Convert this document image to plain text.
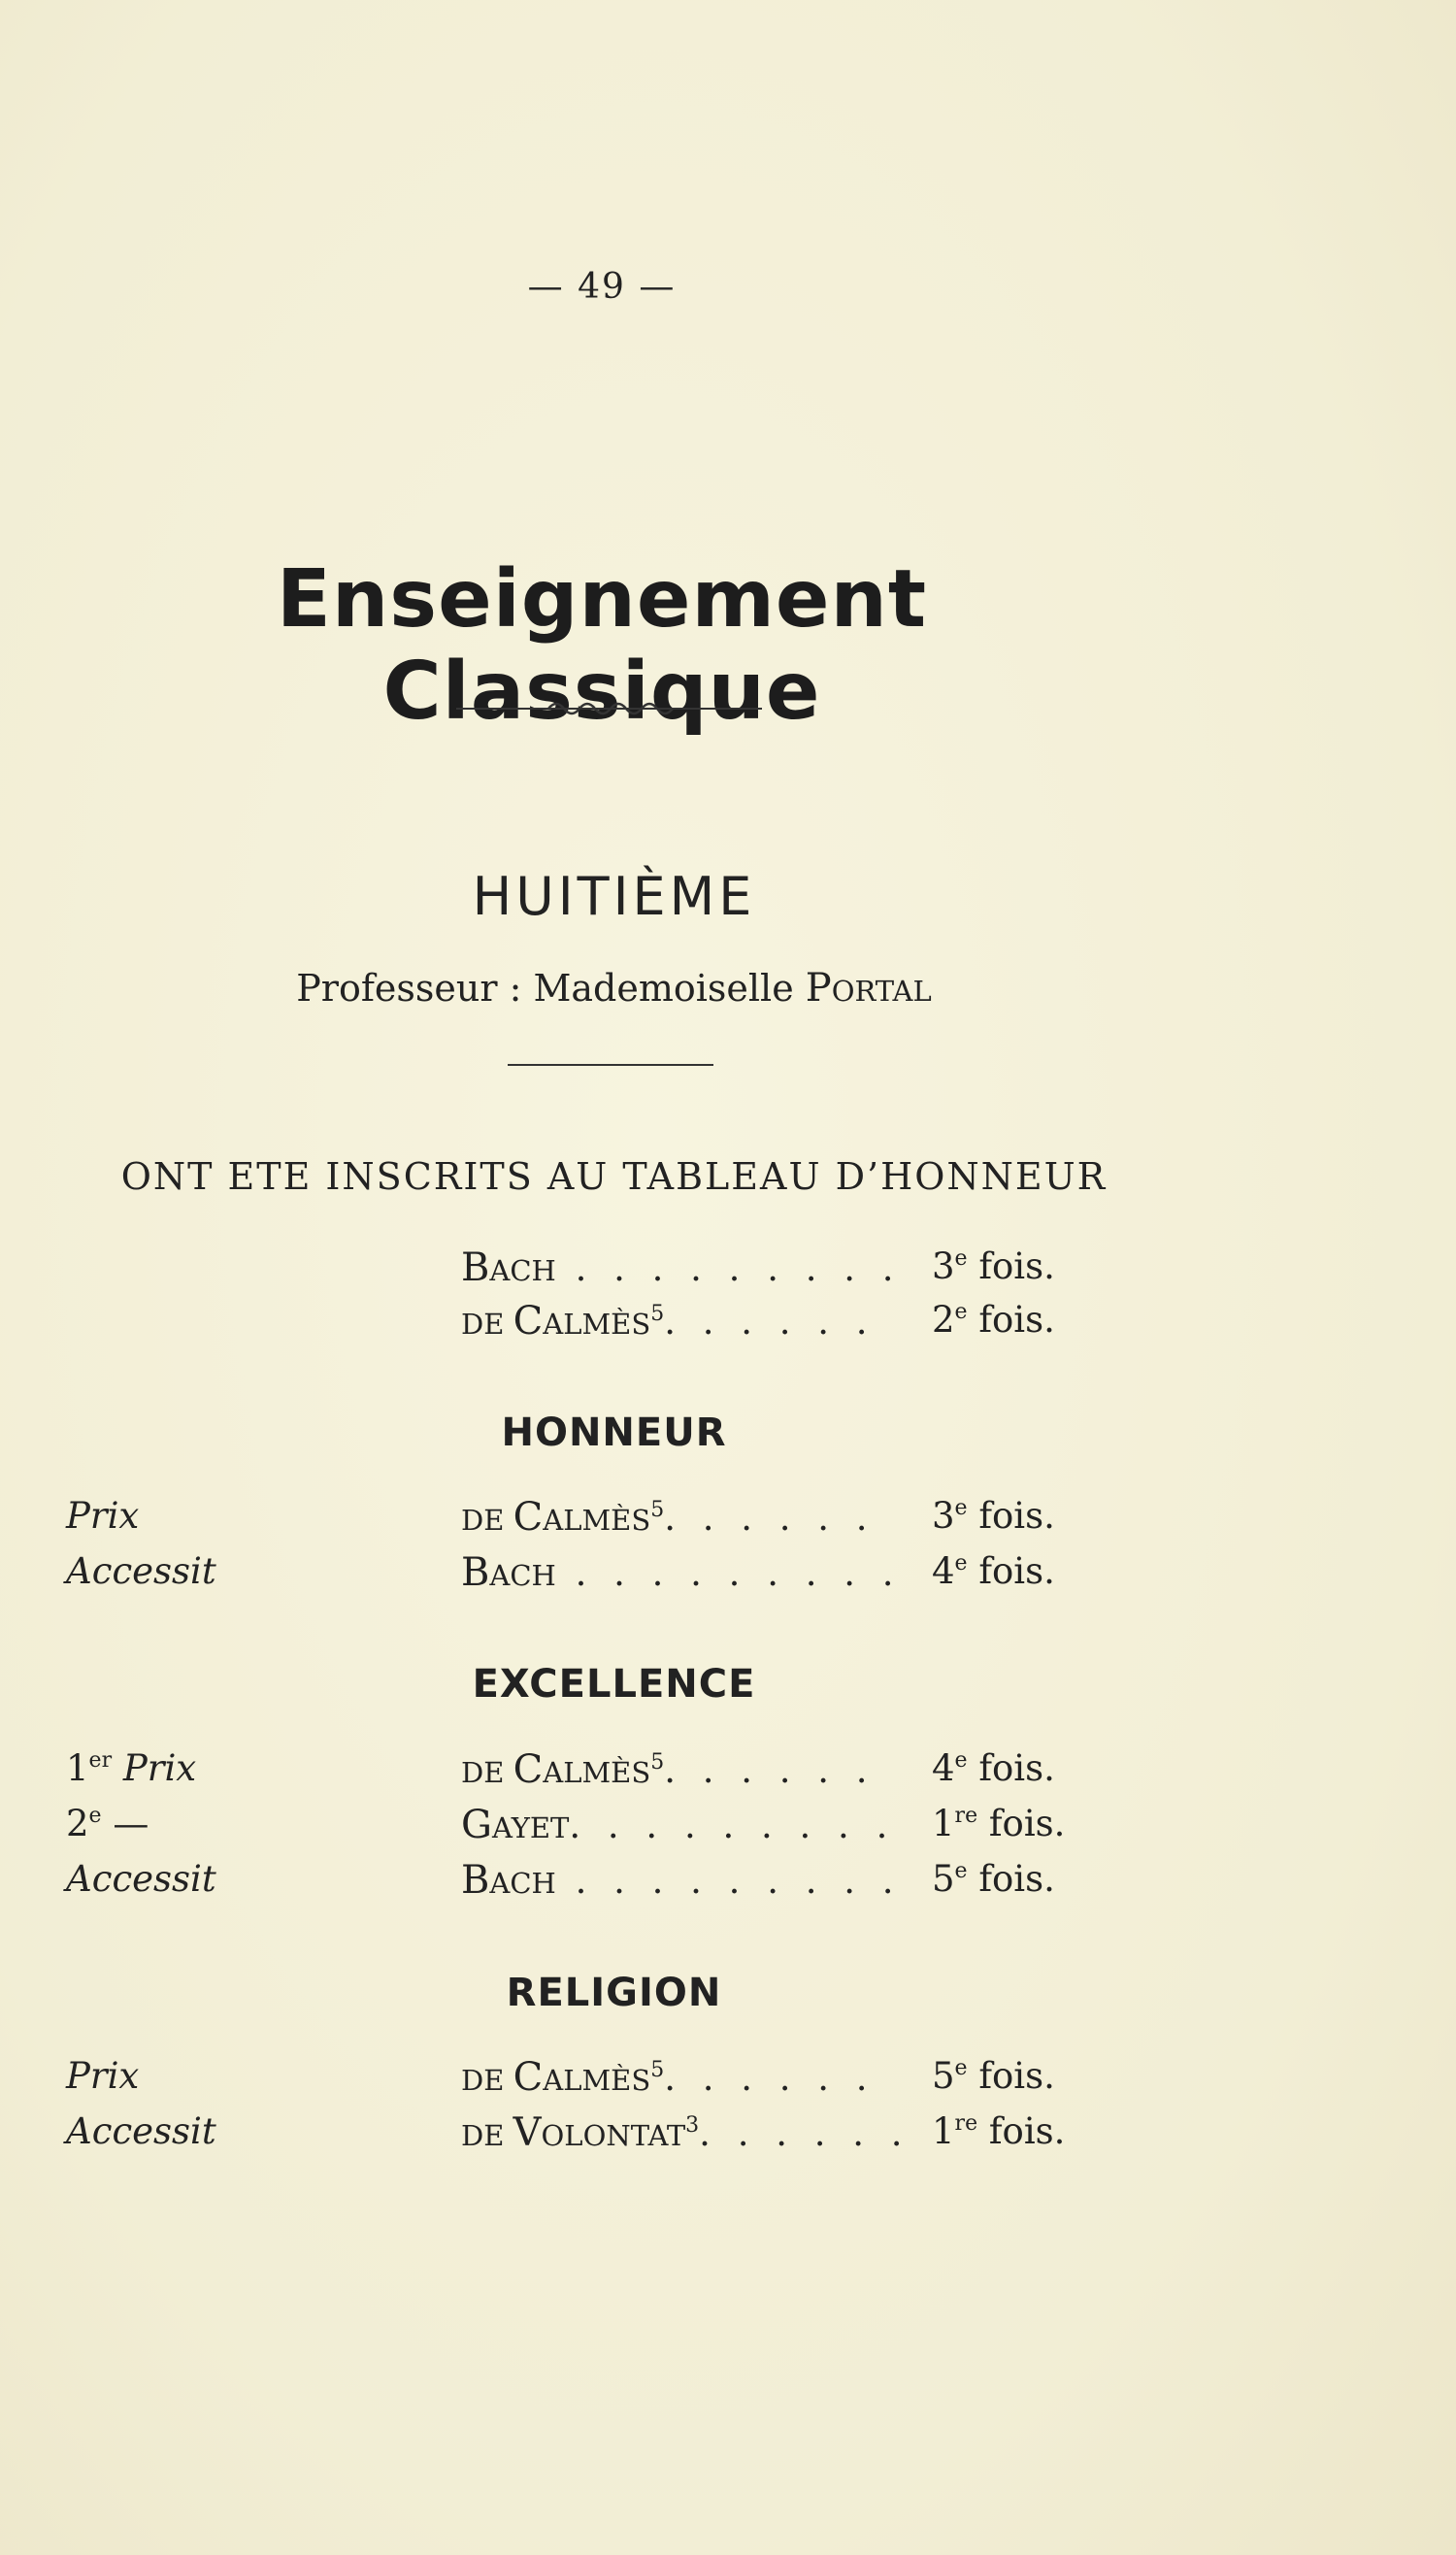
— 49 —
Enseignement Classique
HUITIÈME
Professeur : Mademoiselle PORTAL
ONT ETE INSCRITS AU TABLEAU D’HONNEUR
BACH . . . . . . . . . 3e fois.
DE CALMÈS$^5$. . . . . . 2e fois.
HONNEUR
Prix	DE CALMÈS$^5$. . . . . . 3e fois.
Accessit	BACH . . . . . . . . . 4e fois.
EXCELLENCE
1er Prix	DE CALMÈS$^5$. . . . . . 4e fois.
2e —	GAYET. . . . . . . . . 1re fois.
Accessit	BACH . . . . . . . . . 5e fois.
RELIGION
Prix	DE CALMÈS$^5$. . . . . . 5e fois.
Accessit	DE VOLONTAT$^3$. . . . . . 1re fois.
